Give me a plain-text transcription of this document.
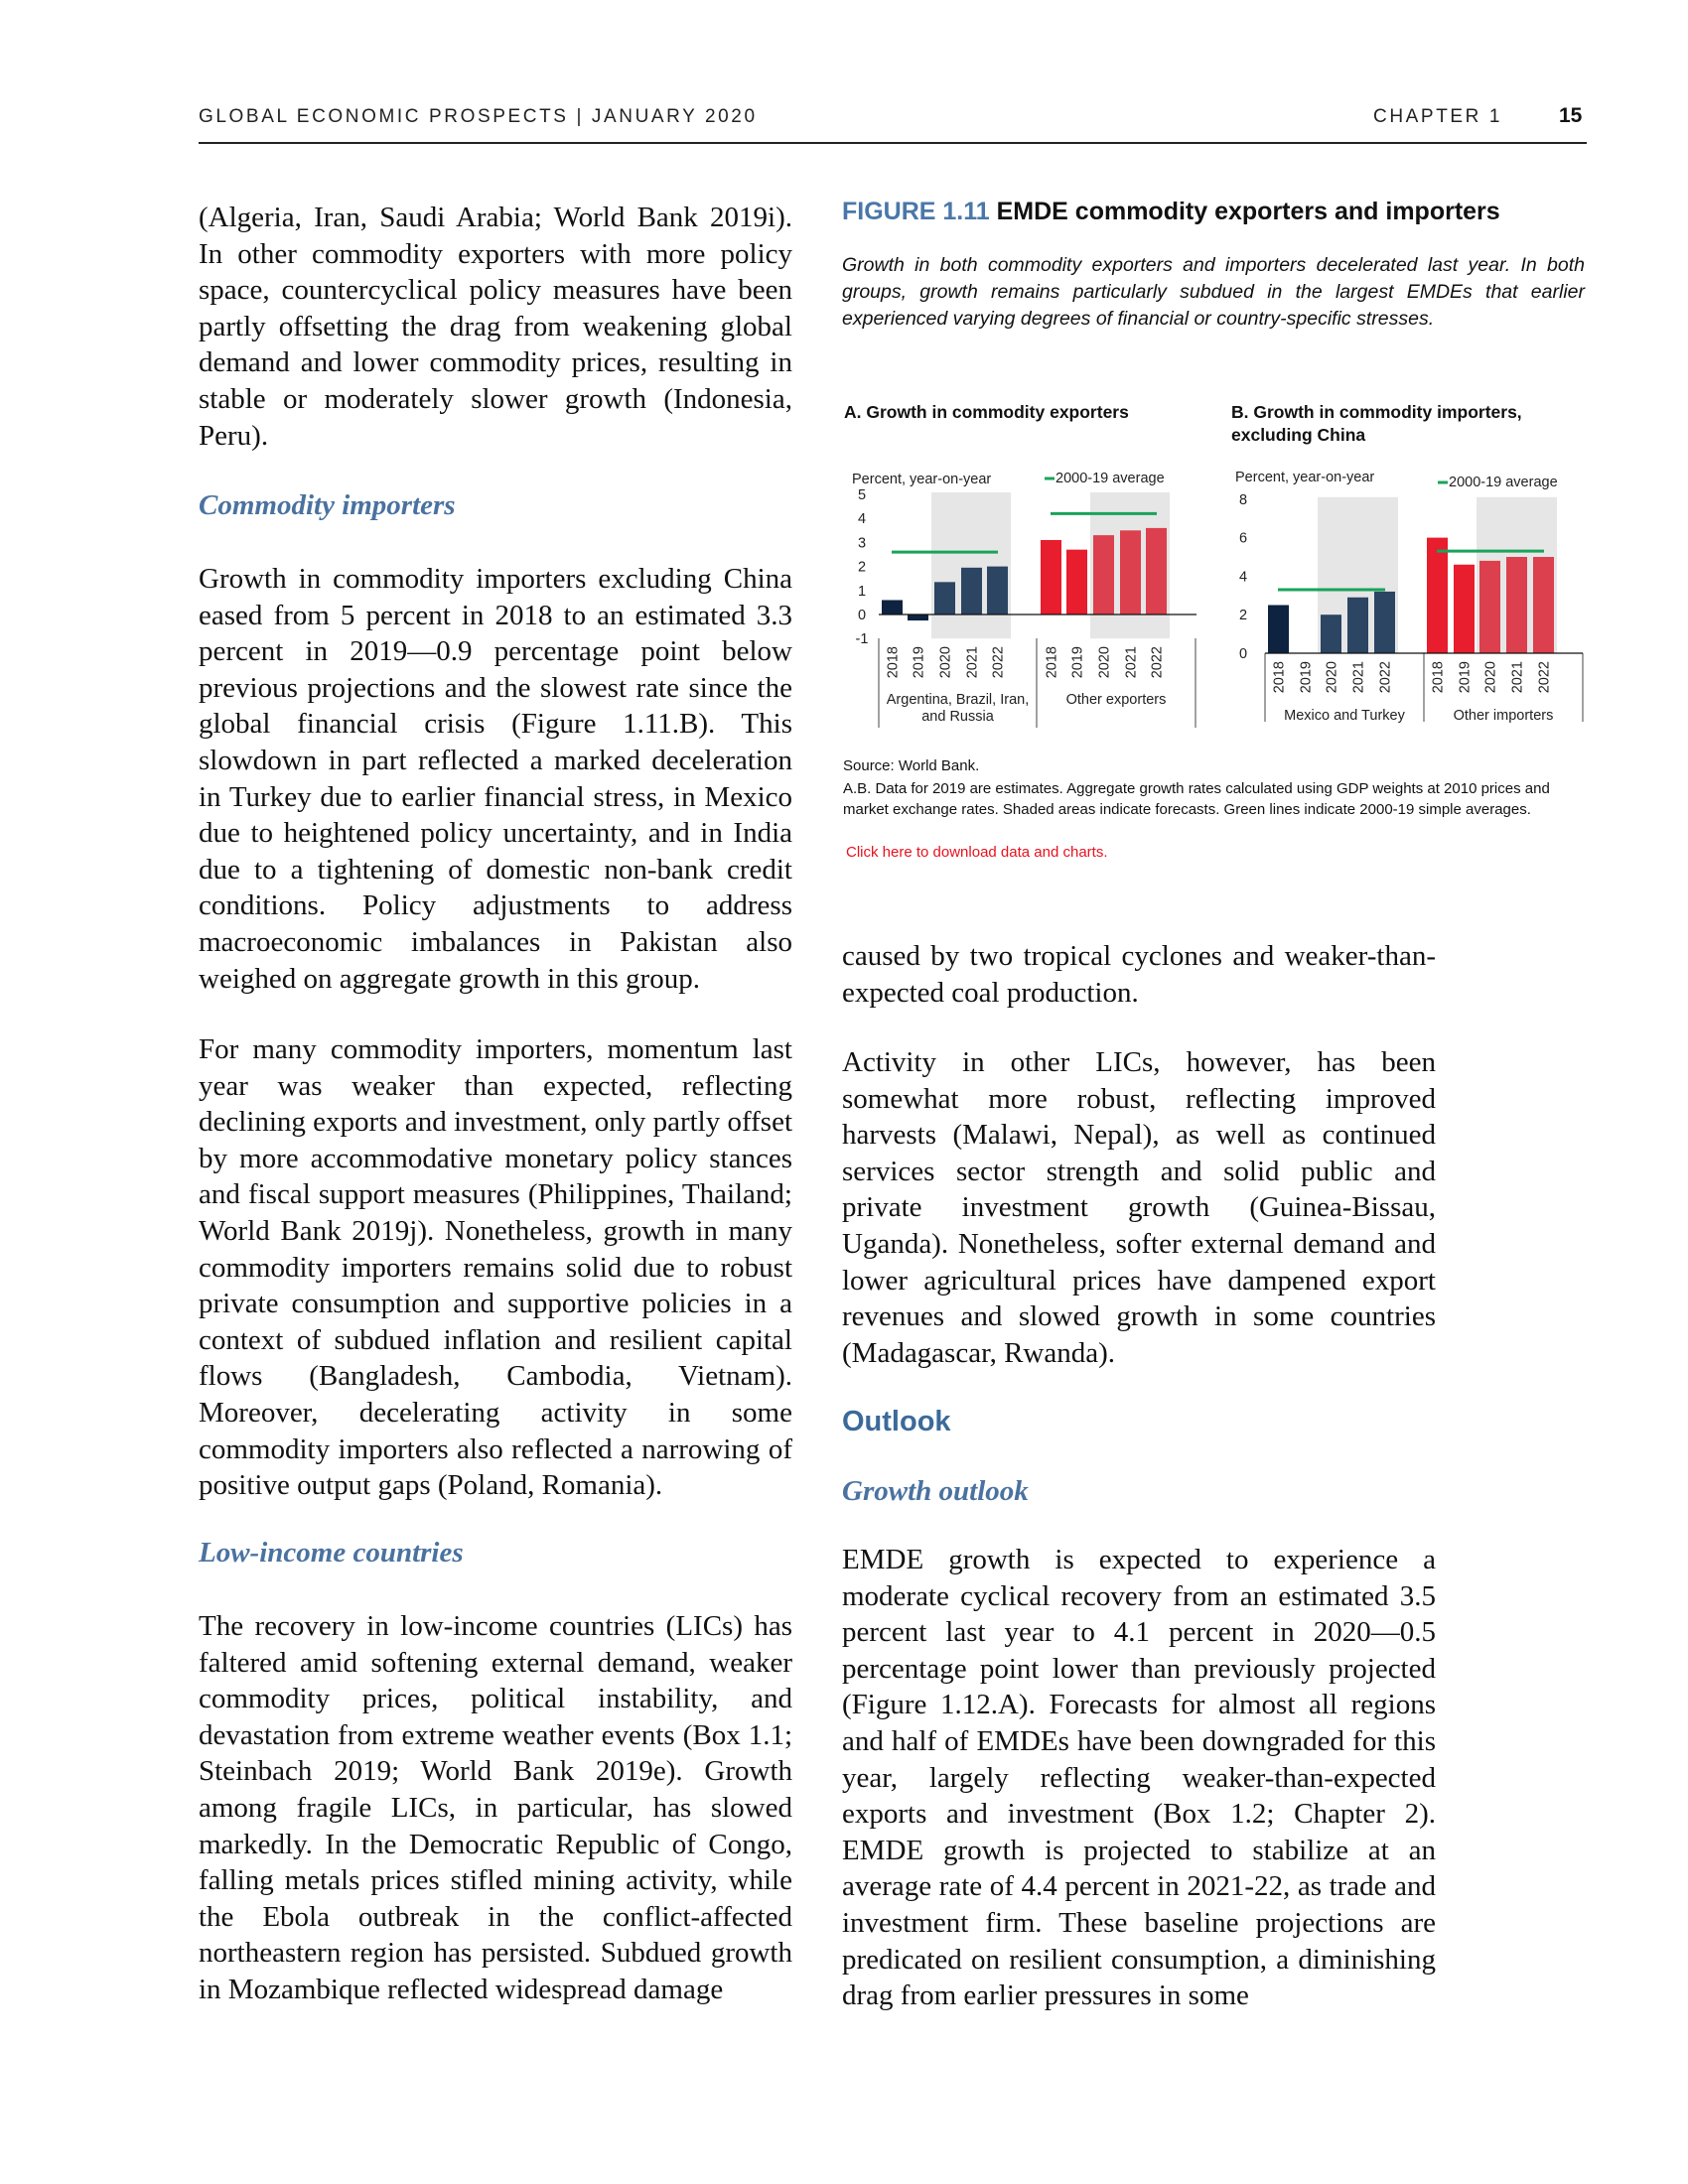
GLOBAL ECONOMIC PROSPECTS | JANUARY 2020	CHAPTER 1	15

(Algeria, Iran, Saudi Arabia; World Bank 2019i). In other commodity exporters with more policy space, countercyclical policy measures have been partly offsetting the drag from weakening global demand and lower commodity prices, resulting in stable or moderately slower growth (Indonesia, Peru).

Commodity importers

Growth in commodity importers excluding China eased from 5 percent in 2018 to an estimated 3.3 percent in 2019—0.9 percentage point below previous projections and the slowest rate since the global financial crisis (Figure 1.11.B). This slowdown in part reflected a marked deceleration in Turkey due to earlier financial stress, in Mexico due to heightened policy uncertainty, and in India due to a tightening of domestic non-bank credit conditions. Policy adjustments to address macroeconomic imbalances in Pakistan also weighed on aggregate growth in this group.

For many commodity importers, momentum last year was weaker than expected, reflecting declining exports and investment, only partly offset by more accommodative monetary policy stances and fiscal support measures (Philippines, Thailand; World Bank 2019j). Nonetheless, growth in many commodity importers remains solid due to robust private consumption and supportive policies in a context of subdued inflation and resilient capital flows (Bangladesh, Cambodia, Vietnam). Moreover, decelerating activity in some commodity importers also reflected a narrowing of positive output gaps (Poland, Romania).

Low-income countries

The recovery in low-income countries (LICs) has faltered amid softening external demand, weaker commodity prices, political instability, and devastation from extreme weather events (Box 1.1; Steinbach 2019; World Bank 2019e). Growth among fragile LICs, in particular, has slowed markedly. In the Democratic Republic of Congo, falling metals prices stifled mining activity, while the Ebola outbreak in the conflict-affected northeastern region has persisted. Subdued growth in Mozambique reflected widespread damage

FIGURE 1.11 EMDE commodity exporters and importers
Growth in both commodity exporters and importers decelerated last year. In both groups, growth remains particularly subdued in the largest EMDEs that earlier experienced varying degrees of financial or country-specific stresses.
A. Growth in commodity exporters	B. Growth in commodity importers,
excluding China
Percent, year-on-year
-1
0
1
2
3
4
5
2000-19 average
2018 2019 2020 2021 2022
Argentina, Brazil, Iran,
and Russia
2018 2019 2020 2021 2022
Other exporters
Percent, year-on-year
0
2
4
6
8
2000-19 average
2018 2019 2020 2021 2022
Mexico and Turkey
2018 2019 2020 2021 2022
Other importers
Source: World Bank.
A.B. Data for 2019 are estimates. Aggregate growth rates calculated using GDP weights at 2010 prices and market exchange rates. Shaded areas indicate forecasts. Green lines indicate 2000-19 simple averages.
Click here to download data and charts.

caused by two tropical cyclones and weaker-than-expected coal production.

Activity in other LICs, however, has been somewhat more robust, reflecting improved harvests (Malawi, Nepal), as well as continued services sector strength and solid public and private investment growth (Guinea-Bissau, Uganda). Nonetheless, softer external demand and lower agricultural prices have dampened export revenues and slowed growth in some countries (Madagascar, Rwanda).

Outlook
Growth outlook

EMDE growth is expected to experience a moderate cyclical recovery from an estimated 3.5 percent last year to 4.1 percent in 2020—0.5 percentage point lower than previously projected (Figure 1.12.A). Forecasts for almost all regions and half of EMDEs have been downgraded for this year, largely reflecting weaker-than-expected exports and investment (Box 1.2; Chapter 2). EMDE growth is projected to stabilize at an average rate of 4.4 percent in 2021-22, as trade and investment firm. These baseline projections are predicated on resilient consumption, a diminishing drag from earlier pressures in some
